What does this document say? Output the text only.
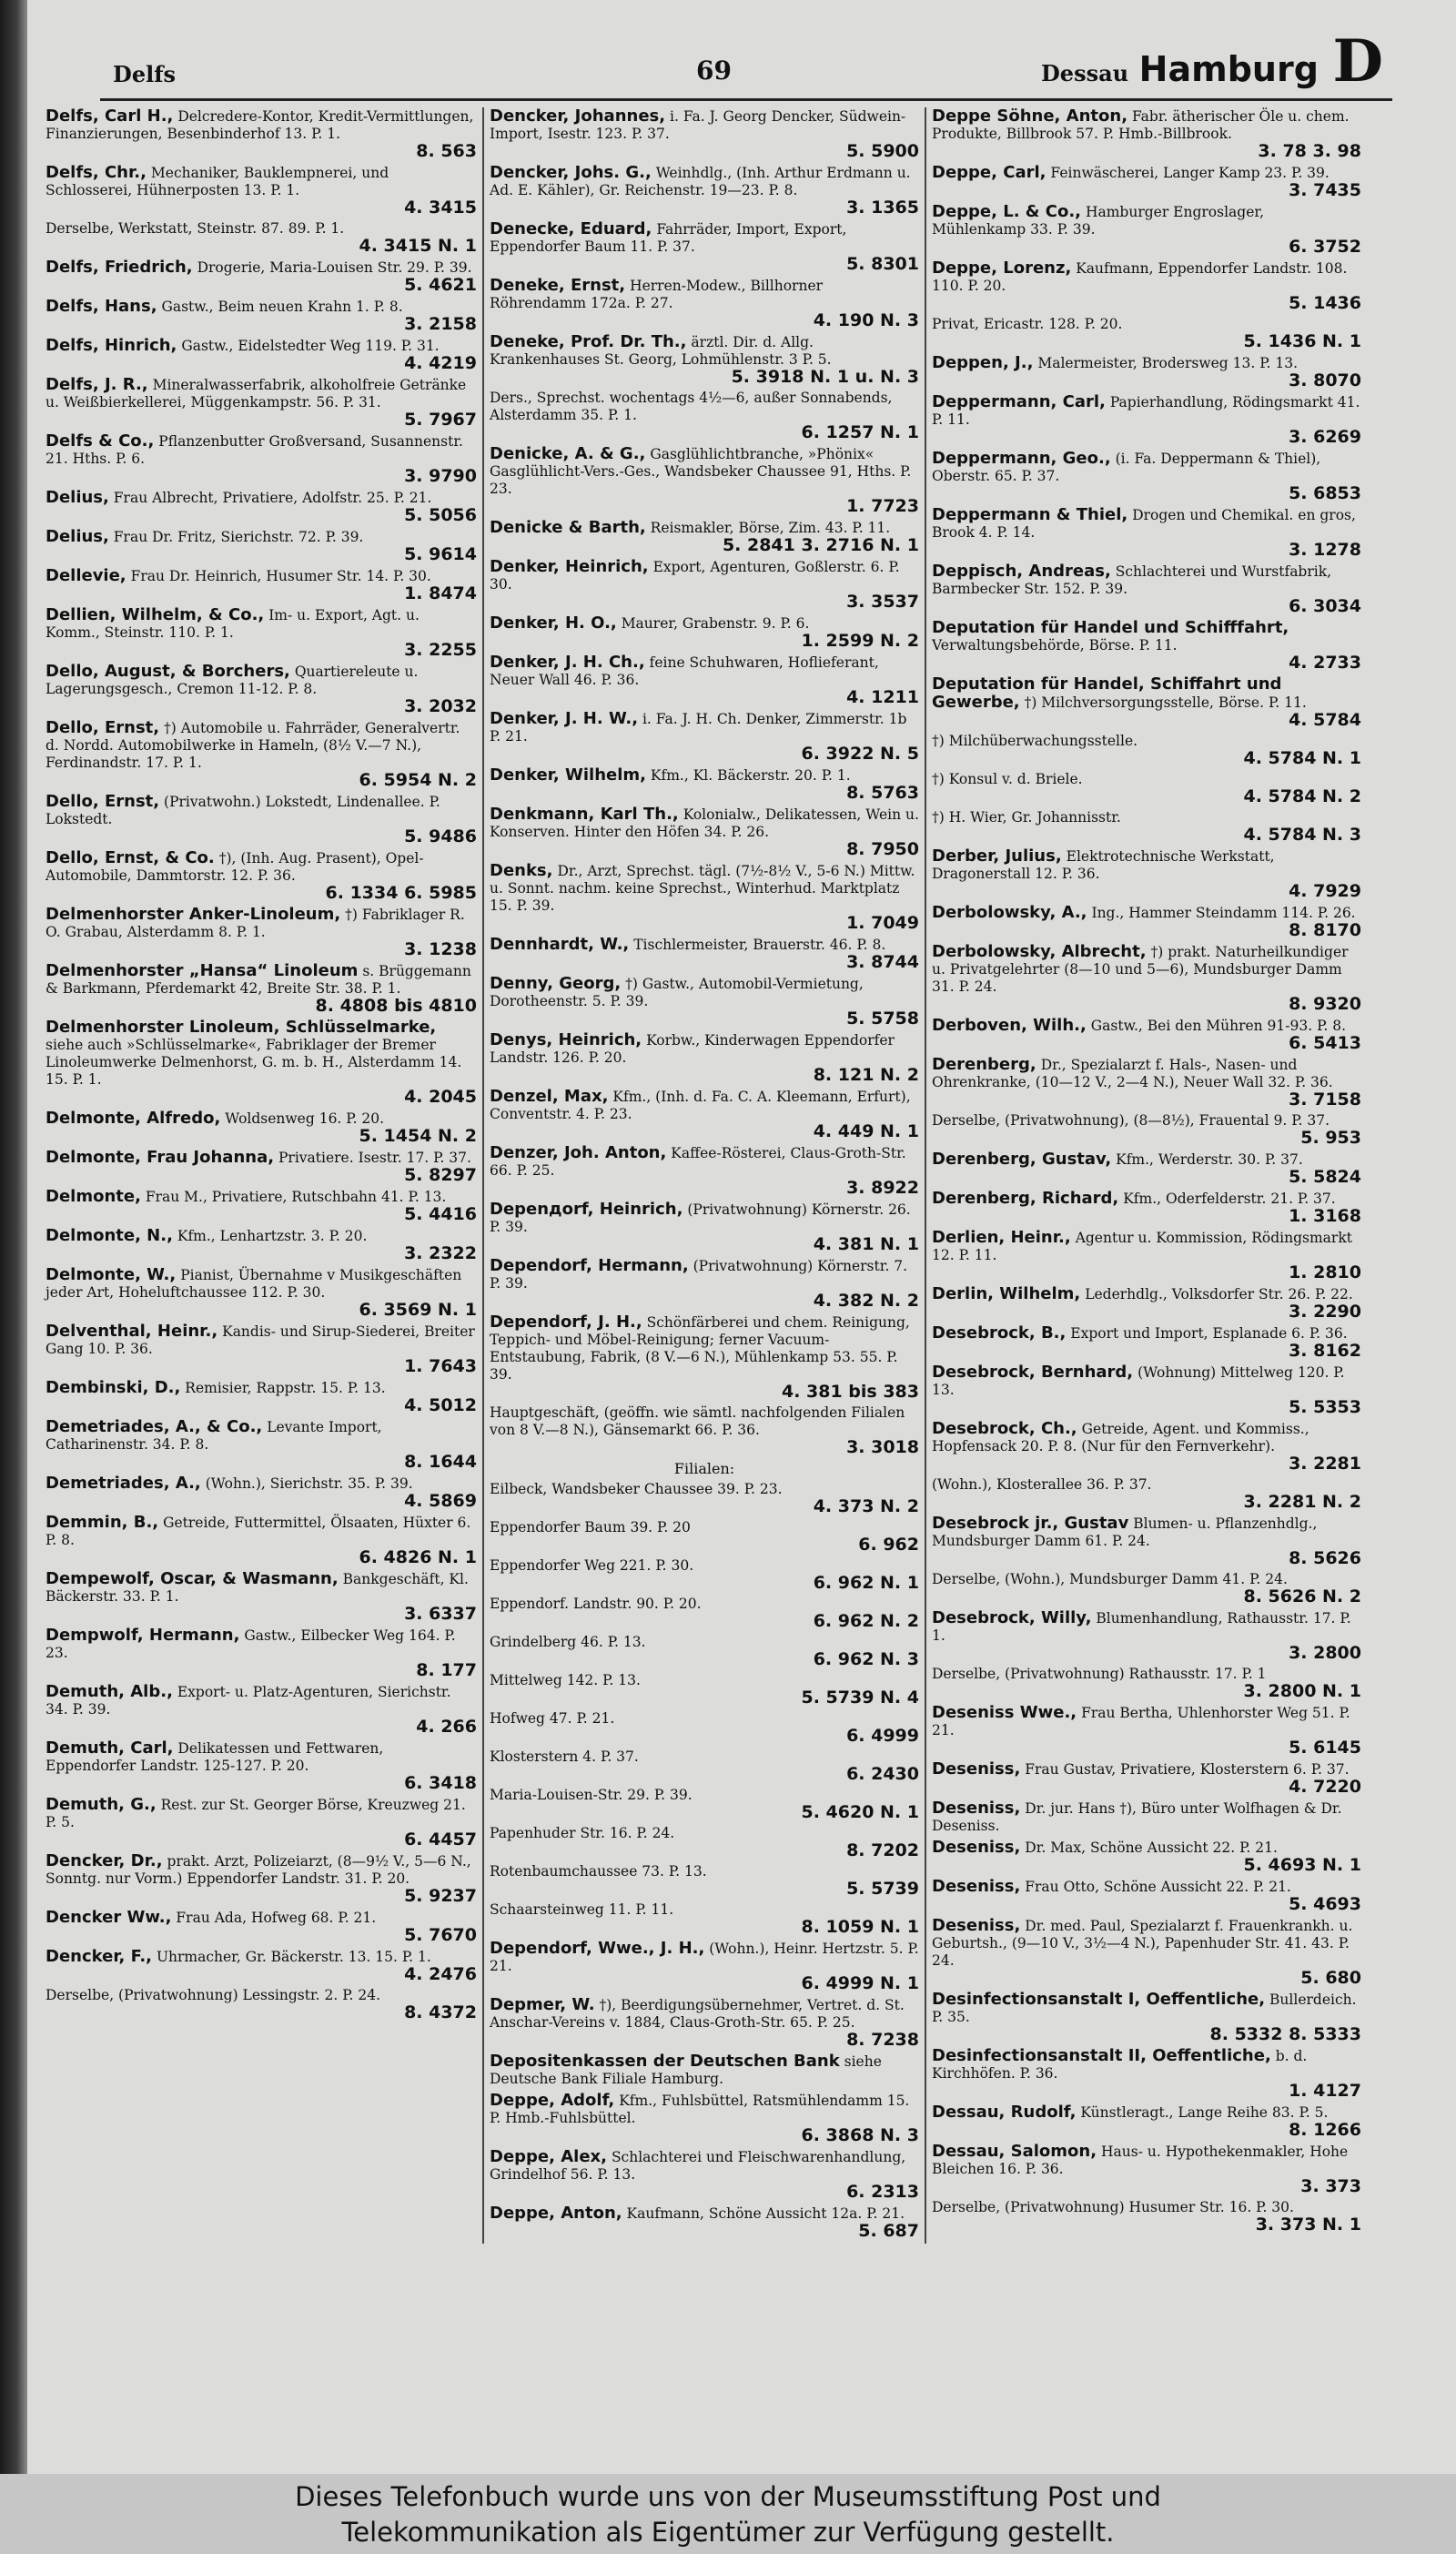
Delfs	69	Dessau Hamburg D
Delfs, Carl H., Delcredere-Kontor, Kredit-Vermittlungen, Finanzierungen, Besenbinderhof 13. P. 1.
8. 563
Delfs, Chr., Mechaniker, Bauklempnerei, und Schlosserei, Hühnerposten 13. P. 1.
4. 3415
Derselbe, Werkstatt, Steinstr. 87. 89. P. 1.
4. 3415 N. 1
Delfs, Friedrich, Drogerie, Maria-Louisen Str. 29. P. 39.
5. 4621
Delfs, Hans, Gastw., Beim neuen Krahn 1. P. 8.
3. 2158
Delfs, Hinrich, Gastw., Eidelstedter Weg 119. P. 31.
4. 4219
Delfs, J. R., Mineralwasserfabrik, alkoholfreie Getränke u. Weißbierkellerei, Müggenkampstr. 56. P. 31.
5. 7967
Delfs & Co., Pflanzenbutter Großversand, Susannenstr. 21. Hths. P. 6.
3. 9790
Delius, Frau Albrecht, Privatiere, Adolfstr. 25. P. 21.
5. 5056
Delius, Frau Dr. Fritz, Sierichstr. 72. P. 39.
5. 9614
Dellevie, Frau Dr. Heinrich, Husumer Str. 14. P. 30.
1. 8474
Dellien, Wilhelm, & Co., Im- u. Export, Agt. u. Komm., Steinstr. 110. P. 1.
3. 2255
Dello, August, & Borchers, Quartiereleute u. Lagerungsgesch., Cremon 11-12. P. 8.
3. 2032
Dello, Ernst, †) Automobile u. Fahrräder, Generalvertr. d. Nordd. Automobilwerke in Hameln, (8½ V.—7 N.), Ferdinandstr. 17. P. 1.
6. 5954 N. 2
Dello, Ernst, (Privatwohn.) Lokstedt, Lindenallee. P. Lokstedt.
5. 9486
Dello, Ernst, & Co. †), (Inh. Aug. Prasent), Opel-Automobile, Dammtorstr. 12. P. 36.
6. 1334 6. 5985
Delmenhorster Anker-Linoleum, †) Fabriklager R. O. Grabau, Alsterdamm 8. P. 1.
3. 1238
Delmenhorster „Hansa“ Linoleum s. Brüggemann & Barkmann, Pferdemarkt 42, Breite Str. 38. P. 1.
8. 4808 bis 4810
Delmenhorster Linoleum, Schlüsselmarke, siehe auch »Schlüsselmarke«, Fabriklager der Bremer Linoleumwerke Delmenhorst, G. m. b. H., Alsterdamm 14. 15. P. 1.
4. 2045
Delmonte, Alfredo, Woldsenweg 16. P. 20.
5. 1454 N. 2
Delmonte, Frau Johanna, Privatiere. Isestr. 17. P. 37.
5. 8297
Delmonte, Frau M., Privatiere, Rutschbahn 41. P. 13.
5. 4416
Delmonte, N., Kfm., Lenhartzstr. 3. P. 20.
3. 2322
Delmonte, W., Pianist, Übernahme v Musikgeschäften jeder Art, Hoheluftchaussee 112. P. 30.
6. 3569 N. 1
Delventhal, Heinr., Kandis- und Sirup-Siederei, Breiter Gang 10. P. 36.
1. 7643
Dembinski, D., Remisier, Rappstr. 15. P. 13.
4. 5012
Demetriades, A., & Co., Levante Import, Catharinenstr. 34. P. 8.
8. 1644
Demetriades, A., (Wohn.), Sierichstr. 35. P. 39.
4. 5869
Demmin, B., Getreide, Futtermittel, Ölsaaten, Hüxter 6. P. 8.
6. 4826 N. 1
Dempewolf, Oscar, & Wasmann, Bankgeschäft, Kl. Bäckerstr. 33. P. 1.
3. 6337
Dempwolf, Hermann, Gastw., Eilbecker Weg 164. P. 23.
8. 177
Demuth, Alb., Export- u. Platz-Agenturen, Sierichstr. 34. P. 39.
4. 266
Demuth, Carl, Delikatessen und Fettwaren, Eppendorfer Landstr. 125-127. P. 20.
6. 3418
Demuth, G., Rest. zur St. Georger Börse, Kreuzweg 21. P. 5.
6. 4457
Dencker, Dr., prakt. Arzt, Polizeiarzt, (8—9½ V., 5—6 N., Sonntg. nur Vorm.) Eppendorfer Landstr. 31. P. 20.
5. 9237
Dencker Ww., Frau Ada, Hofweg 68. P. 21.
5. 7670
Dencker, F., Uhrmacher, Gr. Bäckerstr. 13. 15. P. 1.
4. 2476
Derselbe, (Privatwohnung) Lessingstr. 2. P. 24.
8. 4372
Dencker, Johannes, i. Fa. J. Georg Dencker, Südwein-Import, Isestr. 123. P. 37.
5. 5900
Dencker, Johs. G., Weinhdlg., (Inh. Arthur Erdmann u. Ad. E. Kähler), Gr. Reichenstr. 19—23. P. 8.
3. 1365
Denecke, Eduard, Fahrräder, Import, Export, Eppendorfer Baum 11. P. 37.
5. 8301
Deneke, Ernst, Herren-Modew., Billhorner Röhrendamm 172a. P. 27.
4. 190 N. 3
Deneke, Prof. Dr. Th., ärztl. Dir. d. Allg. Krankenhauses St. Georg, Lohmühlenstr. 3 P. 5.
5. 3918 N. 1 u. N. 3
Ders., Sprechst. wochentags 4½—6, außer Sonnabends, Alsterdamm 35. P. 1.
6. 1257 N. 1
Denicke, A. & G., Gasglühlichtbranche, »Phönix« Gasglühlicht-Vers.-Ges., Wandsbeker Chaussee 91, Hths. P. 23.
1. 7723
Denicke & Barth, Reismakler, Börse, Zim. 43. P. 11.
5. 2841 3. 2716 N. 1
Denker, Heinrich, Export, Agenturen, Goßlerstr. 6. P. 30.
3. 3537
Denker, H. O., Maurer, Grabenstr. 9. P. 6.
1. 2599 N. 2
Denker, J. H. Ch., feine Schuhwaren, Hoflieferant, Neuer Wall 46. P. 36.
4. 1211
Denker, J. H. W., i. Fa. J. H. Ch. Denker, Zimmerstr. 1b P. 21.
6. 3922 N. 5
Denker, Wilhelm, Kfm., Kl. Bäckerstr. 20. P. 1.
8. 5763
Denkmann, Karl Th., Kolonialw., Delikatessen, Wein u. Konserven. Hinter den Höfen 34. P. 26.
8. 7950
Denks, Dr., Arzt, Sprechst. tägl. (7½-8½ V., 5-6 N.) Mittw. u. Sonnt. nachm. keine Sprechst., Winterhud. Marktplatz 15. P. 39.
1. 7049
Dennhardt, W., Tischlermeister, Brauerstr. 46. P. 8.
3. 8744
Denny, Georg, †) Gastw., Automobil-Vermietung, Dorotheenstr. 5. P. 39.
5. 5758
Denys, Heinrich, Korbw., Kinderwagen Eppendorfer Landstr. 126. P. 20.
8. 121 N. 2
Denzel, Max, Kfm., (Inh. d. Fa. C. A. Kleemann, Erfurt), Conventstr. 4. P. 23.
4. 449 N. 1
Denzer, Joh. Anton, Kaffee-Rösterei, Claus-Groth-Str. 66. P. 25.
3. 8922
Depenдorf, Heinrich, (Privatwohnung) Körnerstr. 26. P. 39.
4. 381 N. 1
Dependorf, Hermann, (Privatwohnung) Körnerstr. 7. P. 39.
4. 382 N. 2
Dependorf, J. H., Schönfärberei und chem. Reinigung, Teppich- und Möbel-Reinigung; ferner Vacuum-Entstaubung, Fabrik, (8 V.—6 N.), Mühlenkamp 53. 55. P. 39.
4. 381 bis 383
Hauptgeschäft, (geöffn. wie sämtl. nachfolgenden Filialen von 8 V.—8 N.), Gänsemarkt 66. P. 36.
3. 3018
Filialen:
Eilbeck, Wandsbeker Chaussee 39. P. 23.
4. 373 N. 2
Eppendorfer Baum 39. P. 20
6. 962
Eppendorfer Weg 221. P. 30.
6. 962 N. 1
Eppendorf. Landstr. 90. P. 20.
6. 962 N. 2
Grindelberg 46. P. 13.
6. 962 N. 3
Mittelweg 142. P. 13.
5. 5739 N. 4
Hofweg 47. P. 21.
6. 4999
Klosterstern 4. P. 37.
6. 2430
Maria-Louisen-Str. 29. P. 39.
5. 4620 N. 1
Papenhuder Str. 16. P. 24.
8. 7202
Rotenbaumchaussee 73. P. 13.
5. 5739
Schaarsteinweg 11. P. 11.
8. 1059 N. 1
Dependorf, Wwe., J. H., (Wohn.), Heinr. Hertzstr. 5. P. 21.
6. 4999 N. 1
Depmer, W. †), Beerdigungsübernehmer, Vertret. d. St. Anschar-Vereins v. 1884, Claus-Groth-Str. 65. P. 25.
8. 7238
Depositenkassen der Deutschen Bank siehe Deutsche Bank Filiale Hamburg.
Deppe, Adolf, Kfm., Fuhlsbüttel, Ratsmühlendamm 15. P. Hmb.-Fuhlsbüttel.
6. 3868 N. 3
Deppe, Alex, Schlachterei und Fleischwarenhandlung, Grindelhof 56. P. 13.
6. 2313
Deppe, Anton, Kaufmann, Schöne Aussicht 12a. P. 21.
5. 687
Deppe Söhne, Anton, Fabr. ätherischer Öle u. chem. Produkte, Billbrook 57. P. Hmb.-Billbrook.
3. 78 3. 98
Deppe, Carl, Feinwäscherei, Langer Kamp 23. P. 39.
3. 7435
Deppe, L. & Co., Hamburger Engroslager, Mühlenkamp 33. P. 39.
6. 3752
Deppe, Lorenz, Kaufmann, Eppendorfer Landstr. 108. 110. P. 20.
5. 1436
Privat, Ericastr. 128. P. 20.
5. 1436 N. 1
Deppen, J., Malermeister, Brodersweg 13. P. 13.
3. 8070
Deppermann, Carl, Papierhandlung, Rödingsmarkt 41. P. 11.
3. 6269
Deppermann, Geo., (i. Fa. Deppermann & Thiel), Oberstr. 65. P. 37.
5. 6853
Deppermann & Thiel, Drogen und Chemikal. en gros, Brook 4. P. 14.
3. 1278
Deppisch, Andreas, Schlachterei und Wurstfabrik, Barmbecker Str. 152. P. 39.
6. 3034
Deputation für Handel und Schifffahrt, Verwaltungsbehörde, Börse. P. 11.
4. 2733
Deputation für Handel, Schiffahrt und Gewerbe, †) Milchversorgungsstelle, Börse. P. 11.
4. 5784
†) Milchüberwachungsstelle.
4. 5784 N. 1
†) Konsul v. d. Briele.
4. 5784 N. 2
†) H. Wier, Gr. Johannisstr.
4. 5784 N. 3
Derber, Julius, Elektrotechnische Werkstatt, Dragonerstall 12. P. 36.
4. 7929
Derbolowsky, A., Ing., Hammer Steindamm 114. P. 26.
8. 8170
Derbolowsky, Albrecht, †) prakt. Naturheilkundiger u. Privatgelehrter (8—10 und 5—6), Mundsburger Damm 31. P. 24.
8. 9320
Derboven, Wilh., Gastw., Bei den Mühren 91-93. P. 8.
6. 5413
Derenberg, Dr., Spezialarzt f. Hals-, Nasen- und Ohrenkranke, (10—12 V., 2—4 N.), Neuer Wall 32. P. 36.
3. 7158
Derselbe, (Privatwohnung), (8—8½), Frauental 9. P. 37.
5. 953
Derenberg, Gustav, Kfm., Werderstr. 30. P. 37.
5. 5824
Derenberg, Richard, Kfm., Oderfelderstr. 21. P. 37.
1. 3168
Derlien, Heinr., Agentur u. Kommission, Rödingsmarkt 12. P. 11.
1. 2810
Derlin, Wilhelm, Lederhdlg., Volksdorfer Str. 26. P. 22.
3. 2290
Desebrock, B., Export und Import, Esplanade 6. P. 36.
3. 8162
Desebrock, Bernhard, (Wohnung) Mittelweg 120. P. 13.
5. 5353
Desebrock, Ch., Getreide, Agent. und Kommiss., Hopfensack 20. P. 8. (Nur für den Fernverkehr).
3. 2281
(Wohn.), Klosterallee 36. P. 37.
3. 2281 N. 2
Desebrock jr., Gustav Blumen- u. Pflanzenhdlg., Mundsburger Damm 61. P. 24.
8. 5626
Derselbe, (Wohn.), Mundsburger Damm 41. P. 24.
8. 5626 N. 2
Desebrock, Willy, Blumenhandlung, Rathausstr. 17. P. 1.
3. 2800
Derselbe, (Privatwohnung) Rathausstr. 17. P. 1
3. 2800 N. 1
Deseniss Wwe., Frau Bertha, Uhlenhorster Weg 51. P. 21.
5. 6145
Deseniss, Frau Gustav, Privatiere, Klosterstern 6. P. 37.
4. 7220
Deseniss, Dr. jur. Hans †), Büro unter Wolfhagen & Dr. Deseniss.
Deseniss, Dr. Max, Schöne Aussicht 22. P. 21.
5. 4693 N. 1
Deseniss, Frau Otto, Schöne Aussicht 22. P. 21.
5. 4693
Deseniss, Dr. med. Paul, Spezialarzt f. Frauenkrankh. u. Geburtsh., (9—10 V., 3½—4 N.), Papenhuder Str. 41. 43. P. 24.
5. 680
Desinfectionsanstalt I, Oeffentliche, Bullerdeich. P. 35.
8. 5332 8. 5333
Desinfectionsanstalt II, Oeffentliche, b. d. Kirchhöfen. P. 36.
1. 4127
Dessau, Rudolf, Künstleragt., Lange Reihe 83. P. 5.
8. 1266
Dessau, Salomon, Haus- u. Hypothekenmakler, Hohe Bleichen 16. P. 36.
3. 373
Derselbe, (Privatwohnung) Husumer Str. 16. P. 30.
3. 373 N. 1
Dieses Telefonbuch wurde uns von der Museumsstiftung Post und
Telekommunikation als Eigentümer zur Verfügung gestellt.
